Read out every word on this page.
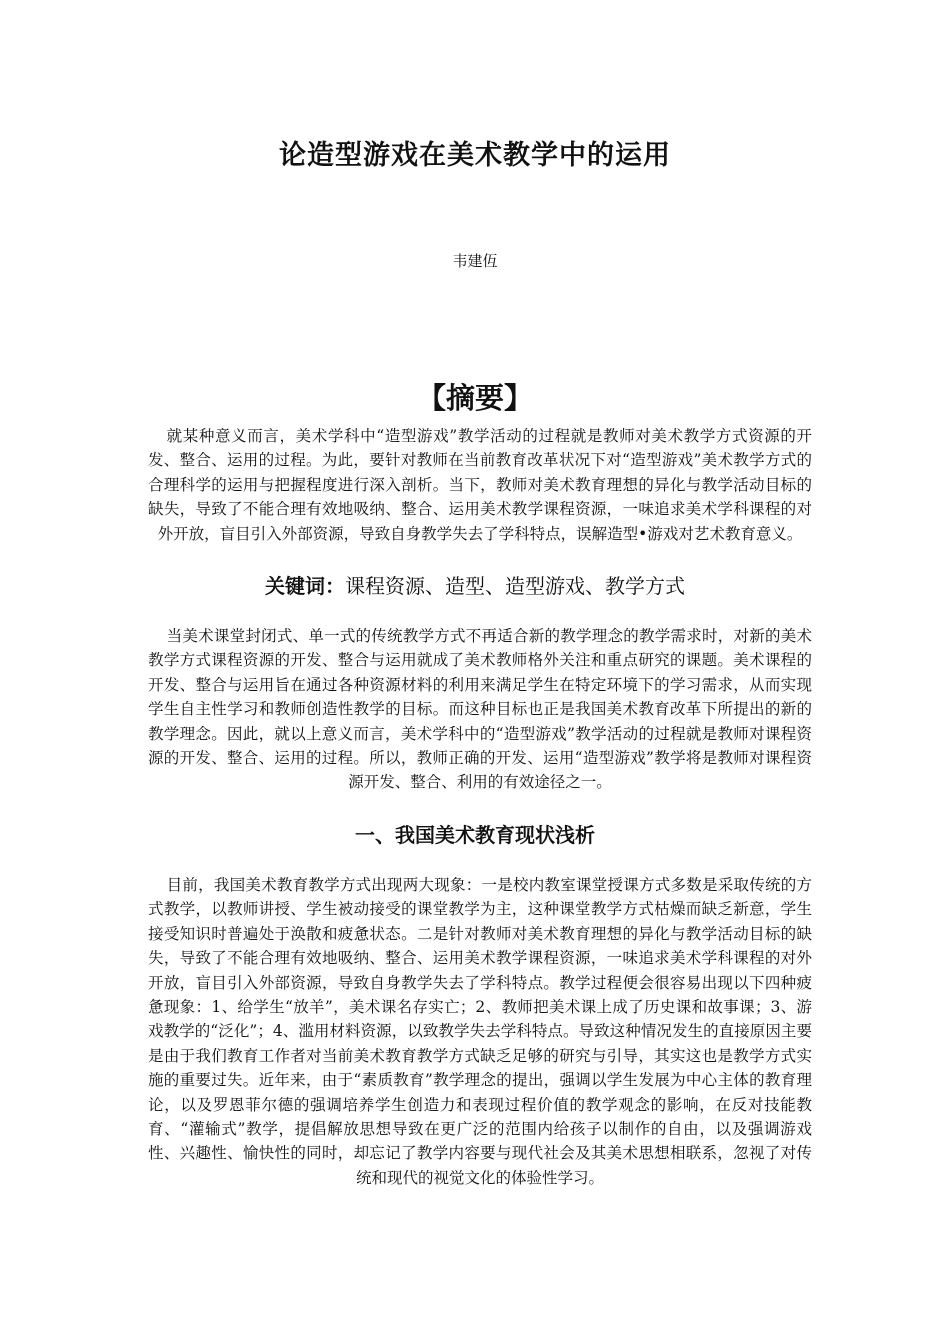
论造型游戏在美术教学中的运用
韦建仾
【摘要】

就某种意义而言，美术学科中“造型游戏”教学活动的过程就是教师对美术教学方式资源的开发、整合、运用的过程。为此，要针对教师在当前教育改革状况下对“造型游戏”美术教学方式的合理科学的运用与把握程度进行深入剖析。当下，教师对美术教育理想的异化与教学活动目标的缺失，导致了不能合理有效地吸纳、整合、运用美术教学课程资源，一味追求美术学科课程的对外开放，盲目引入外部资源，导致自身教学失去了学科特点，误解造型•游戏对艺术教育意义。

关键词：课程资源、造型、造型游戏、教学方式

当美术课堂封闭式、单一式的传统教学方式不再适合新的教学理念的教学需求时，对新的美术教学方式课程资源的开发、整合与运用就成了美术教师格外关注和重点研究的课题。美术课程的开发、整合与运用旨在通过各种资源材料的利用来满足学生在特定环境下的学习需求，从而实现学生自主性学习和教师创造性教学的目标。而这种目标也正是我国美术教育改革下所提出的新的教学理念。因此，就以上意义而言，美术学科中的“造型游戏”教学活动的过程就是教师对课程资源的开发、整合、运用的过程。所以，教师正确的开发、运用“造型游戏”教学将是教师对课程资源开发、整合、利用的有效途径之一。

一、我国美术教育现状浅析

目前，我国美术教育教学方式出现两大现象：一是校内教室课堂授课方式多数是采取传统的方式教学，以教师讲授、学生被动接受的课堂教学为主，这种课堂教学方式枯燥而缺乏新意，学生接受知识时普遍处于涣散和疲惫状态。二是针对教师对美术教育理想的异化与教学活动目标的缺失，导致了不能合理有效地吸纳、整合、运用美术教学课程资源，一味追求美术学科课程的对外开放，盲目引入外部资源，导致自身教学失去了学科特点。教学过程便会很容易出现以下四种疲惫现象：1、给学生“放羊”，美术课名存实亡；2、教师把美术课上成了历史课和故事课；3、游戏教学的“泛化”；4、滥用材料资源，以致教学失去学科特点。导致这种情况发生的直接原因主要是由于我们教育工作者对当前美术教育教学方式缺乏足够的研究与引导，其实这也是教学方式实施的重要过失。近年来，由于“素质教育”教学理念的提出，强调以学生发展为中心主体的教育理论，以及罗恩菲尔德的强调培养学生创造力和表现过程价值的教学观念的影响，在反对技能教育、“灌输式”教学，提倡解放思想导致在更广泛的范围内给孩子以制作的自由，以及强调游戏性、兴趣性、愉快性的同时，却忘记了教学内容要与现代社会及其美术思想相联系，忽视了对传统和现代的视觉文化的体验性学习。
